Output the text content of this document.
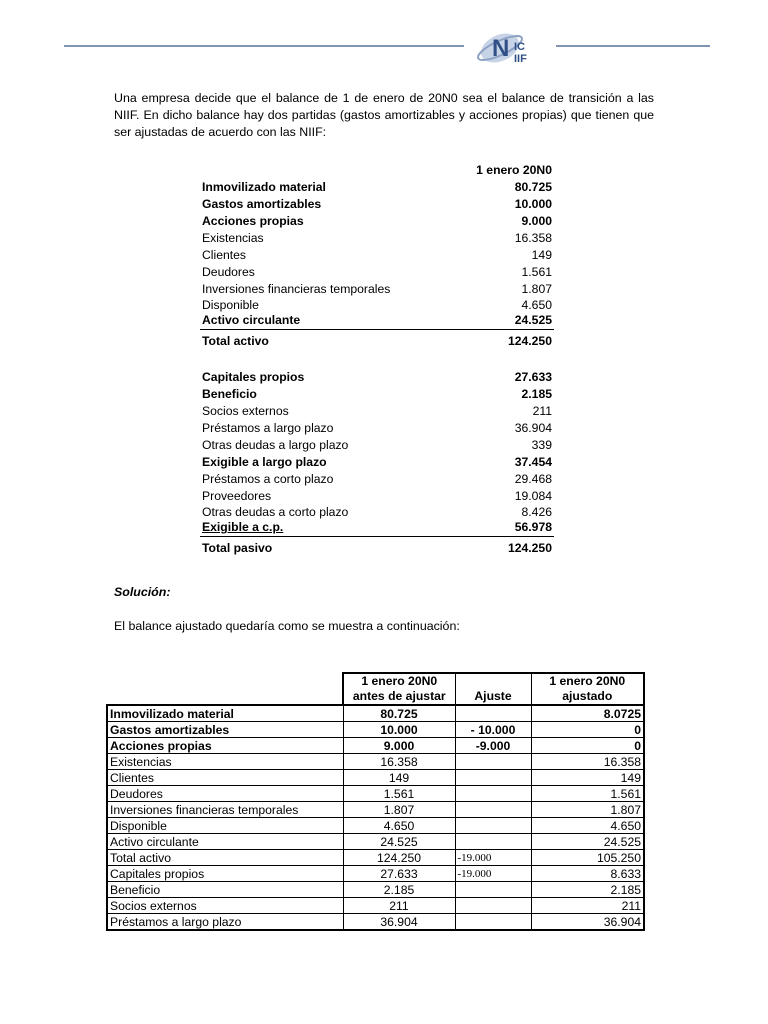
N IC
IIF

Una empresa decide que el balance de 1 de enero de 20N0 sea el balance de transición a las NIIF. En dicho balance hay dos partidas (gastos amortizables y acciones propias) que tienen que ser ajustadas de acuerdo con las NIIF:

	1 enero 20N0
Inmovilizado material	80.725
Gastos amortizables	10.000
Acciones propias	9.000
Existencias	16.358
Clientes	149
Deudores	1.561
Inversiones financieras temporales	1.807
Disponible	4.650
Activo circulante	24.525
Total activo	124.250

Capitales propios	27.633
Beneficio	2.185
Socios externos	211
Préstamos a largo plazo	36.904
Otras deudas a largo plazo	339
Exigible a largo plazo	37.454
Préstamos a corto plazo	29.468
Proveedores	19.084
Otras deudas a corto plazo	8.426
Exigible a c.p.	56.978
Total pasivo	124.250

Solución:

El balance ajustado quedaría como se muestra a continuación:

	1 enero 20N0		1 enero 20N0
	antes de ajustar	Ajuste	ajustado
Inmovilizado material	80.725		8.0725
Gastos amortizables	10.000	- 10.000	0
Acciones propias	9.000	-9.000	0
Existencias	16.358		16.358
Clientes	149		149
Deudores	1.561		1.561
Inversiones financieras temporales	1.807		1.807
Disponible	4.650		4.650
Activo circulante	24.525		24.525
Total activo	124.250	-19.000	105.250
Capitales propios	27.633	-19.000	8.633
Beneficio	2.185		2.185
Socios externos	211		211
Préstamos a largo plazo	36.904		36.904
